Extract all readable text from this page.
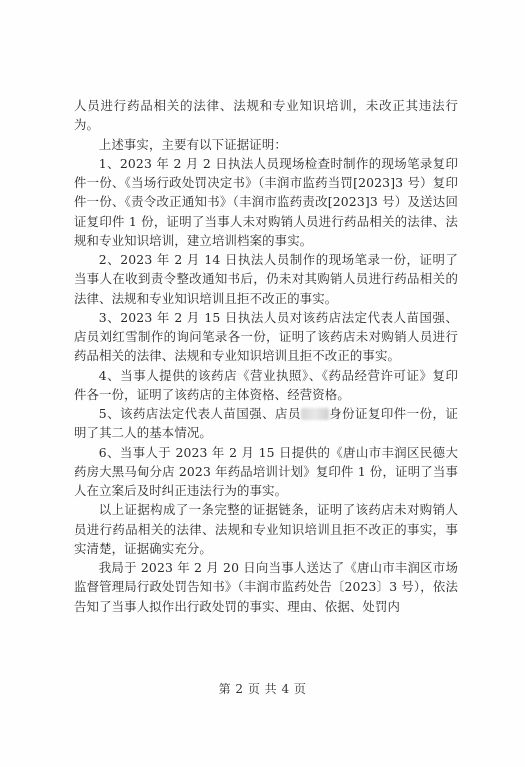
人员进行药品相关的法律、法规和专业知识培训，未改正其违法行为。

上述事实，主要有以下证据证明：

1、2023 年 2 月 2 日执法人员现场检查时制作的现场笔录复印件一份、《当场行政处罚决定书》（丰润市监药当罚[2023]3 号）复印件一份、《责令改正通知书》（丰润市监药责改[2023]3 号）及送达回证复印件 1 份，证明了当事人未对购销人员进行药品相关的法律、法规和专业知识培训，建立培训档案的事实。

2、2023 年 2 月 14 日执法人员制作的现场笔录一份，证明了当事人在收到责令整改通知书后，仍未对其购销人员进行药品相关的法律、法规和专业知识培训且拒不改正的事实。

3、2023 年 2 月 15 日执法人员对该药店法定代表人苗国强、店员刘红雪制作的询问笔录各一份，证明了该药店未对购销人员进行药品相关的法律、法规和专业知识培训且拒不改正的事实。

4、当事人提供的该药店《营业执照》、《药品经营许可证》复印件各一份，证明了该药店的主体资格、经营资格。

5、该药店法定代表人苗国强、店员 身份证复印件一份，证明了其二人的基本情况。

6、当事人于 2023 年 2 月 15 日提供的《唐山市丰润区民德大药房大黑马甸分店 2023 年药品培训计划》复印件 1 份，证明了当事人在立案后及时纠正违法行为的事实。

以上证据构成了一条完整的证据链条，证明了该药店未对购销人员进行药品相关的法律、法规和专业知识培训且拒不改正的事实，事实清楚，证据确实充分。

我局于 2023 年 2 月 20 日向当事人送达了《唐山市丰润区市场监督管理局行政处罚告知书》（丰润市监药处告〔2023〕3 号），依法告知了当事人拟作出行政处罚的事实、理由、依据、处罚内

第 2 页 共 4 页
